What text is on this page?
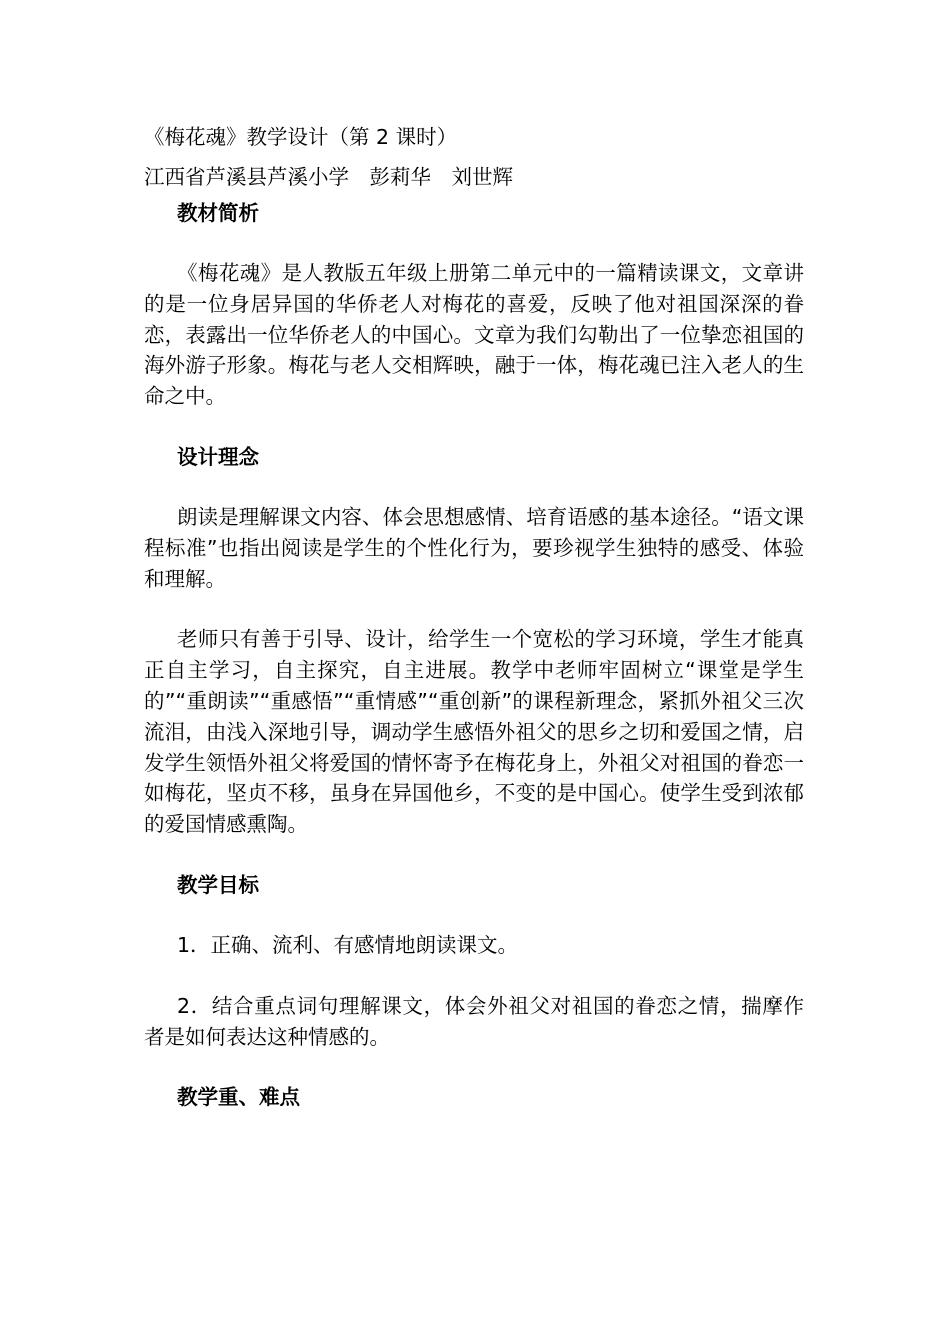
《梅花魂》教学设计（第 2 课时）

江西省芦溪县芦溪小学　彭莉华　刘世辉

教材简析

《梅花魂》是人教版五年级上册第二单元中的一篇精读课文，文章讲的是一位身居异国的华侨老人对梅花的喜爱，反映了他对祖国深深的眷恋，表露出一位华侨老人的中国心。文章为我们勾勒出了一位挚恋祖国的海外游子形象。梅花与老人交相辉映，融于一体，梅花魂已注入老人的生命之中。

设计理念

朗读是理解课文内容、体会思想感情、培育语感的基本途径。“语文课程标准”也指出阅读是学生的个性化行为，要珍视学生独特的感受、体验和理解。

老师只有善于引导、设计，给学生一个宽松的学习环境，学生才能真正自主学习，自主探究，自主进展。教学中老师牢固树立“课堂是学生的”“重朗读”“重感悟”“重情感”“重创新”的课程新理念，紧抓外祖父三次流泪，由浅入深地引导，调动学生感悟外祖父的思乡之切和爱国之情，启发学生领悟外祖父将爱国的情怀寄予在梅花身上，外祖父对祖国的眷恋一如梅花，坚贞不移，虽身在异国他乡，不变的是中国心。使学生受到浓郁的爱国情感熏陶。

教学目标

1．正确、流利、有感情地朗读课文。

2．结合重点词句理解课文，体会外祖父对祖国的眷恋之情，揣摩作者是如何表达这种情感的。

教学重、难点
